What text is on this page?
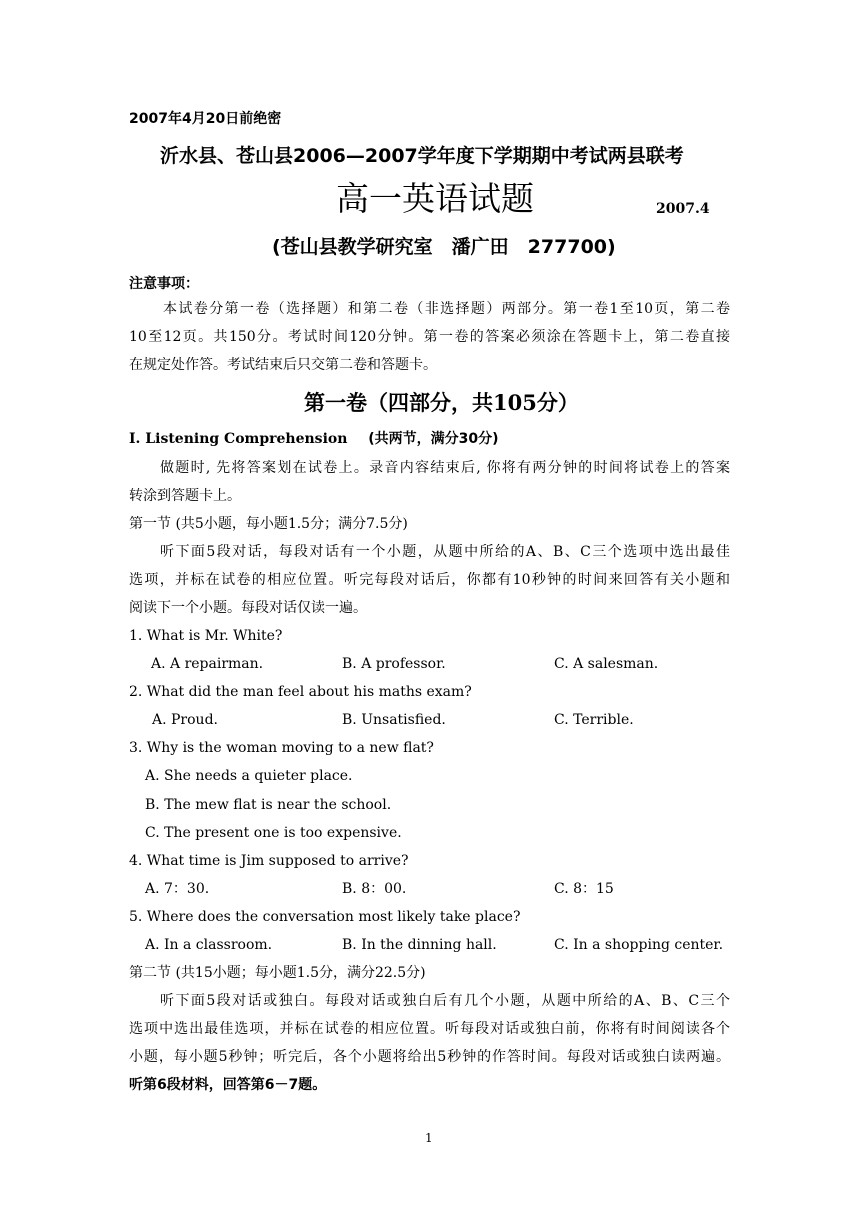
2007年4月20日前绝密
沂水县、苍山县2006—2007学年度下学期期中考试两县联考
高一英语试题	2007.4
(苍山县教学研究室　潘广田　277700)
注意事项：
本试卷分第一卷（选择题）和第二卷（非选择题）两部分。第一卷1至10页，第二卷
10至12页。共150分。考试时间120分钟。第一卷的答案必须涂在答题卡上，第二卷直接
在规定处作答。考试结束后只交第二卷和答题卡。
第一卷（四部分，共105分）
I. Listening Comprehension (共两节，满分30分)
做题时, 先将答案划在试卷上。录音内容结束后, 你将有两分钟的时间将试卷上的答案
转涂到答题卡上。
第一节 (共5小题，每小题1.5分；满分7.5分)
听下面5段对话，每段对话有一个小题，从题中所给的A、B、C三个选项中选出最佳
选项，并标在试卷的相应位置。听完每段对话后，你都有10秒钟的时间来回答有关小题和
阅读下一个小题。每段对话仅读一遍。
1. What is Mr. White?
A. A repairman.	B. A professor.	C. A salesman.
2. What did the man feel about his maths exam?
A. Proud.	B. Unsatisfied.	C. Terrible.
3. Why is the woman moving to a new flat?
A. She needs a quieter place.
B. The mew flat is near the school.
C. The present one is too expensive.
4. What time is Jim supposed to arrive?
A. 7：30.	B. 8：00.	C. 8：15
5. Where does the conversation most likely take place?
A. In a classroom.	B. In the dinning hall.	C. In a shopping center.
第二节 (共15小题；每小题1.5分，满分22.5分)
听下面5段对话或独白。每段对话或独白后有几个小题，从题中所给的A、B、C三个
选项中选出最佳选项，并标在试卷的相应位置。听每段对话或独白前，你将有时间阅读各个
小题，每小题5秒钟；听完后，各个小题将给出5秒钟的作答时间。每段对话或独白读两遍。
听第6段材料，回答第6－7题。
1
